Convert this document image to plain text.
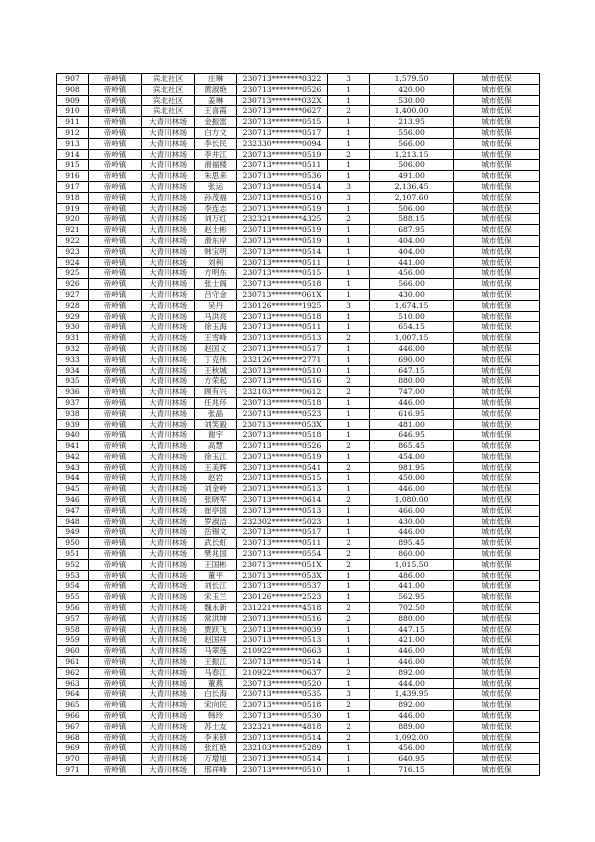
907	帝岭镇	宾北社区	庄琳	230713********0322	3	1,579.50	城市低保
908	帝岭镇	宾北社区	黄淑艳	230713********0526	1	420.00	城市低保
909	帝岭镇	宾北社区	姜琳	230713********032X	1	530.00	城市低保
910	帝岭镇	宾北社区	王喜霞	230713********0627	2	1,400.00	城市低保
911	帝岭镇	大青川林场	金振雷	230713********0515	1	213.95	城市低保
912	帝岭镇	大青川林场	白方文	230713********0517	1	556.00	城市低保
913	帝岭镇	大青川林场	李长民	232330********0094	1	566.00	城市低保
914	帝岭镇	大青川林场	李井江	230713********0519	2	1,213.15	城市低保
915	帝岭镇	大青川林场	滑福楼	230713********0511	1	506.00	城市低保
916	帝岭镇	大青川林场	朱思来	230713********0536	1	491.00	城市低保
917	帝岭镇	大青川林场	张运	230713********0514	3	2,136.45	城市低保
918	帝岭镇	大青川林场	孙茂福	230713********0510	3	2,107.60	城市低保
919	帝岭镇	大青川林场	李连志	230713********0519	1	506.00	城市低保
920	帝岭镇	大青川林场	刘万红	232321********4325	2	588.15	城市低保
921	帝岭镇	大青川林场	赵士彬	230713********0519	1	687.95	城市低保
922	帝岭镇	大青川林场	滑东岸	230713********0519	1	404.00	城市低保
923	帝岭镇	大青川林场	韩宝明	230713********0514	1	404.00	城市低保
924	帝岭镇	大青川林场	刘利	230713********0511	1	441.00	城市低保
925	帝岭镇	大青川林场	方明东	230713********0515	1	456.00	城市低保
926	帝岭镇	大青川林场	张士阁	230713********0518	1	566.00	城市低保
927	帝岭镇	大青川林场	吕守金	230713********061X	1	430.00	城市低保
928	帝岭镇	大青川林场	吴丹	230126********1925	3	1,674.15	城市低保
929	帝岭镇	大青川林场	马洪亮	230713********0518	1	510.00	城市低保
930	帝岭镇	大青川林场	徐玉海	230713********0511	1	654.15	城市低保
931	帝岭镇	大青川林场	王雪峰	230713********0513	2	1,007.15	城市低保
932	帝岭镇	大青川林场	赵国义	230713********0517	1	446.00	城市低保
933	帝岭镇	大青川林场	丁克伟	232126********2771	1	690.00	城市低保
934	帝岭镇	大青川林场	王秋城	230713********0510	1	647.15	城市低保
935	帝岭镇	大青川林场	方荣起	230713********0516	2	880.00	城市低保
936	帝岭镇	大青川林场	顾有兴	232103********0612	2	747.00	城市低保
937	帝岭镇	大青川林场	任兆环	230713********0518	1	446.00	城市低保
938	帝岭镇	大青川林场	张晶	230713********0523	1	616.95	城市低保
939	帝岭镇	大青川林场	刘笑毅	230713********053X	1	481.00	城市低保
940	帝岭镇	大青川林场	谢宇	230713********0518	1	646.95	城市低保
941	帝岭镇	大青川林场	高慧	230713********0526	2	865.45	城市低保
942	帝岭镇	大青川林场	徐玉江	230713********0519	1	454.00	城市低保
943	帝岭镇	大青川林场	王美辉	230713********0541	2	981.95	城市低保
944	帝岭镇	大青川林场	赵岩	230713********0515	1	450.00	城市低保
945	帝岭镇	大青川林场	刘金岭	230713********0513	1	446.00	城市低保
946	帝岭镇	大青川林场	张晓军	230713********0614	2	1,080.00	城市低保
947	帝岭镇	大青川林场	崔亭国	230713********0513	1	466.00	城市低保
948	帝岭镇	大青川林场	罗淑洁	232302********5023	1	430.00	城市低保
949	帝岭镇	大青川林场	岳锡文	230713********0517	1	446.00	城市低保
950	帝岭镇	大青川林场	武长虹	230713********0511	2	895.45	城市低保
951	帝岭镇	大青川林场	樊兆国	230713********0554	2	860.00	城市低保
952	帝岭镇	大青川林场	王国彬	230713********051X	2	1,015.50	城市低保
953	帝岭镇	大青川林场	董平	230713********053X	1	486.00	城市低保
954	帝岭镇	大青川林场	刘长江	230713********0537	1	441.00	城市低保
955	帝岭镇	大青川林场	宋玉兰	230126********2523	1	562.95	城市低保
956	帝岭镇	大青川林场	魏永新	231221********4518	2	702.50	城市低保
957	帝岭镇	大青川林场	常洪坤	230713********0516	2	880.00	城市低保
958	帝岭镇	大青川林场	贾跃飞	230713********0039	1	447.15	城市低保
959	帝岭镇	大青川林场	赵国祥	230713********0513	1	421.00	城市低保
960	帝岭镇	大青川林场	马翠莲	210922********0663	1	446.00	城市低保
961	帝岭镇	大青川林场	王振江	230713********0514	1	446.00	城市低保
962	帝岭镇	大青川林场	马春江	210922********0637	2	892.00	城市低保
963	帝岭镇	大青川林场	董燕	230713********0520	1	444.00	城市低保
964	帝岭镇	大青川林场	白长海	230713********0535	3	1,439.95	城市低保
965	帝岭镇	大青川林场	宋向民	230713********0518	2	892.00	城市低保
966	帝岭镇	大青川林场	韩玲	230713********0530	1	446.00	城市低保
967	帝岭镇	大青川林场	苏士友	232321********4818	2	889.00	城市低保
968	帝岭镇	大青川林场	李来锁	230713********0514	2	1,092.00	城市低保
969	帝岭镇	大青川林场	张红艳	232103********5289	1	456.00	城市低保
970	帝岭镇	大青川林场	万增旭	230713********0514	1	640.95	城市低保
971	帝岭镇	大青川林场	邢祥峰	230713********0510	1	716.15	城市低保
